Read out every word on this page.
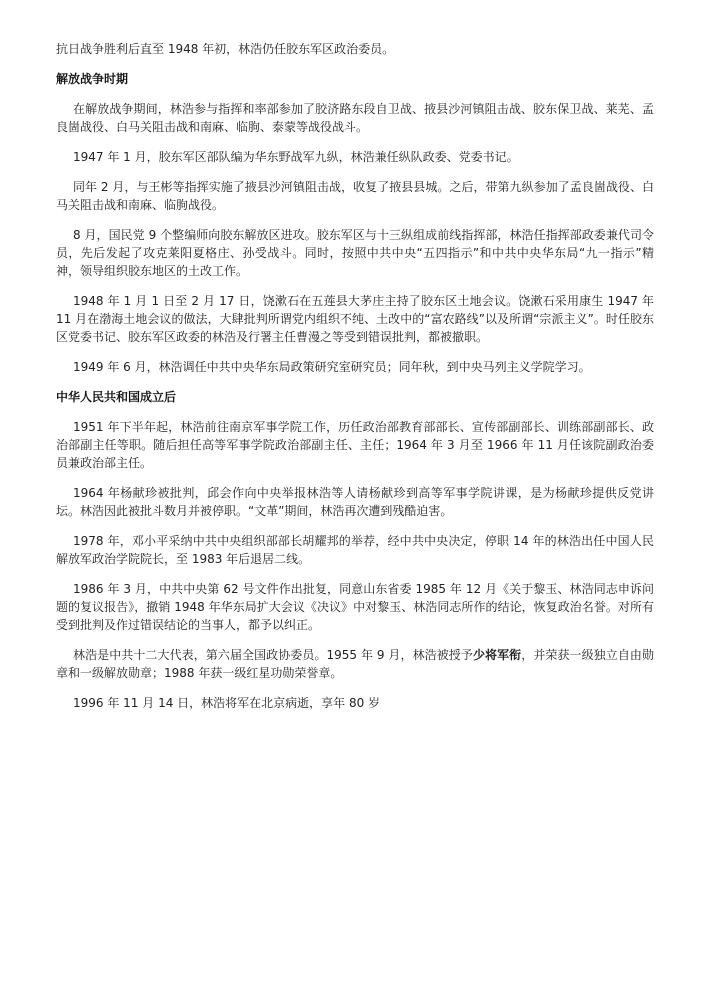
抗日战争胜利后直至 1948 年初，林浩仍任胶东军区政治委员。

解放战争时期

在解放战争期间，林浩参与指挥和率部参加了胶济路东段自卫战、掖县沙河镇阻击战、胶东保卫战、莱芜、孟良崮战役、白马关阻击战和南麻、临朐、泰蒙等战役战斗。

1947 年 1 月，胶东军区部队编为华东野战军九纵，林浩兼任纵队政委、党委书记。

同年 2 月，与王彬等指挥实施了掖县沙河镇阻击战，收复了掖县县城。之后，带第九纵参加了孟良崮战役、白马关阻击战和南麻、临朐战役。

8 月，国民党 9 个整编师向胶东解放区进攻。胶东军区与十三纵组成前线指挥部，林浩任指挥部政委兼代司令员，先后发起了攻克莱阳夏格庄、孙受战斗。同时，按照中共中央“五四指示”和中共中央华东局“九一指示”精神，领导组织胶东地区的土改工作。

1948 年 1 月 1 日至 2 月 17 日，饶漱石在五莲县大茅庄主持了胶东区土地会议。饶漱石采用康生 1947 年 11 月在渤海土地会议的做法，大肆批判所谓党内组织不纯、土改中的“富农路线”以及所谓“宗派主义”。时任胶东区党委书记、胶东军区政委的林浩及行署主任曹漫之等受到错误批判，都被撤职。

1949 年 6 月，林浩调任中共中央华东局政策研究室研究员；同年秋，到中央马列主义学院学习。

中华人民共和国成立后

1951 年下半年起，林浩前往南京军事学院工作，历任政治部教育部部长、宣传部副部长、训练部副部长、政治部副主任等职。随后担任高等军事学院政治部副主任、主任；1964 年 3 月至 1966 年 11 月任该院副政治委员兼政治部主任。

1964 年杨献珍被批判，邱会作向中央举报林浩等人请杨献珍到高等军事学院讲课，是为杨献珍提供反党讲坛。林浩因此被批斗数月并被停职。“文革”期间，林浩再次遭到残酷迫害。

1978 年，邓小平采纳中共中央组织部部长胡耀邦的举荐，经中共中央决定，停职 14 年的林浩出任中国人民解放军政治学院院长，至 1983 年后退居二线。

1986 年 3 月，中共中央第 62 号文件作出批复，同意山东省委 1985 年 12 月《关于黎玉、林浩同志申诉问题的复议报告》，撤销 1948 年华东局扩大会议《决议》中对黎玉、林浩同志所作的结论，恢复政治名誉。对所有受到批判及作过错误结论的当事人，都予以纠正。

林浩是中共十二大代表，第六届全国政协委员。1955 年 9 月，林浩被授予少将军衔，并荣获一级独立自由勋章和一级解放勋章；1988 年获一级红星功勋荣誉章。

1996 年 11 月 14 日，林浩将军在北京病逝，享年 80 岁
